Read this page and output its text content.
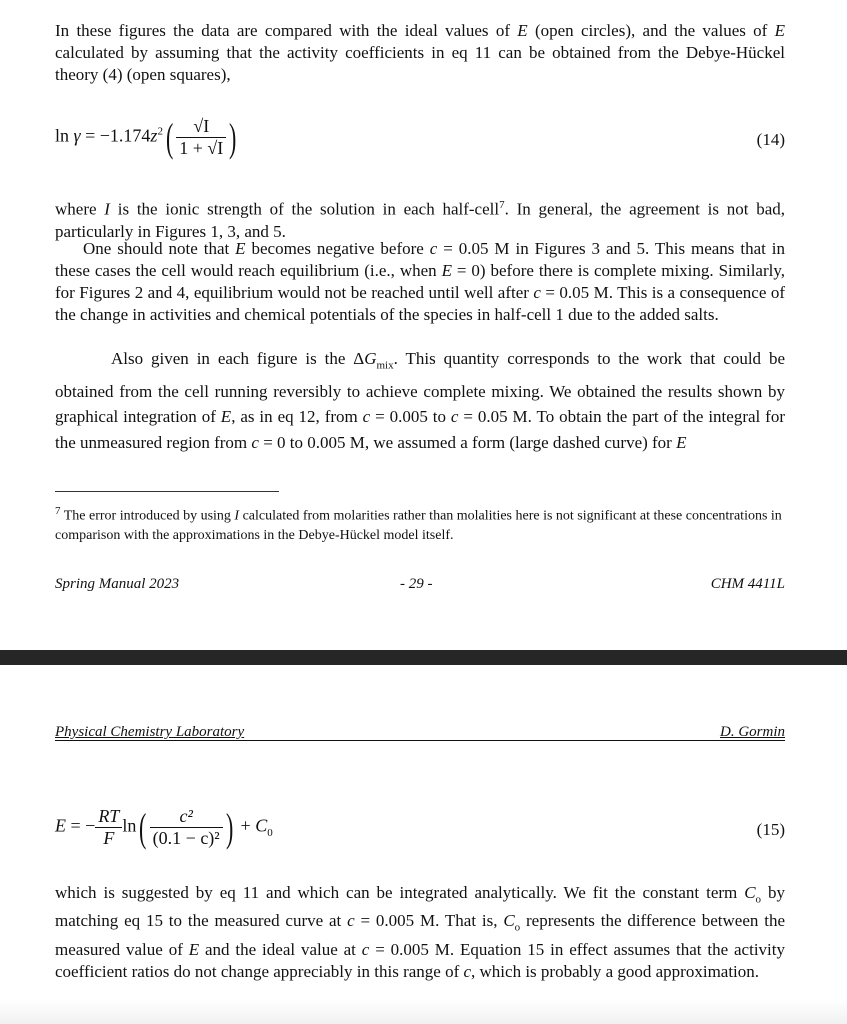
In these figures the data are compared with the ideal values of E (open circles), and the values of E calculated by assuming that the activity coefficients in eq 11 can be obtained from the Debye-Hückel theory (4) (open squares),

$\ln \gamma = -1.174z^2( \frac{√I}{1 + √I}$ )	(14)

where I is the ionic strength of the solution in each half-cell$^7$. In general, the agreement is not bad, particularly in Figures 1, 3, and 5.

One should note that E becomes negative before c = 0.05 M in Figures 3 and 5. This means that in these cases the cell would reach equilibrium (i.e., when E = 0) before there is complete mixing. Similarly, for Figures 2 and 4, equilibrium would not be reached until well after c = 0.05 M. This is a consequence of the change in activities and chemical potentials of the species in half-cell 1 due to the added salts.

Also given in each figure is the $\Delta G_{mix}$. This quantity corresponds to the work that could be obtained from the cell running reversibly to achieve complete mixing. We obtained the results shown by graphical integration of E, as in eq 12, from c = 0.005 to c = 0.05 M. To obtain the part of the integral for the unmeasured region from c = 0 to 0.005 M, we assumed a form (large dashed curve) for E

$^7$ The error introduced by using I calculated from molarities rather than molalities here is not significant at these concentrations in comparison with the approximations in the Debye-Hückel model itself.

Spring Manual 2023	- 29 -	CHM 4411L
Physical Chemistry Laboratory	D. Gormin
E = − $\frac{RT}{F} \ln( \frac{\text{c²}}{\text{(0.1 − c)²}}$ ) + $C_0$	(15)

which is suggested by eq 11 and which can be integrated analytically. We fit the constant term $C_o$ by matching eq 15 to the measured curve at c = 0.005 M. That is, $C_o$ represents the difference between the measured value of E and the ideal value at c = 0.005 M. Equation 15 in effect assumes that the activity coefficient ratios do not change appreciably in this range of c, which is probably a good approximation.
